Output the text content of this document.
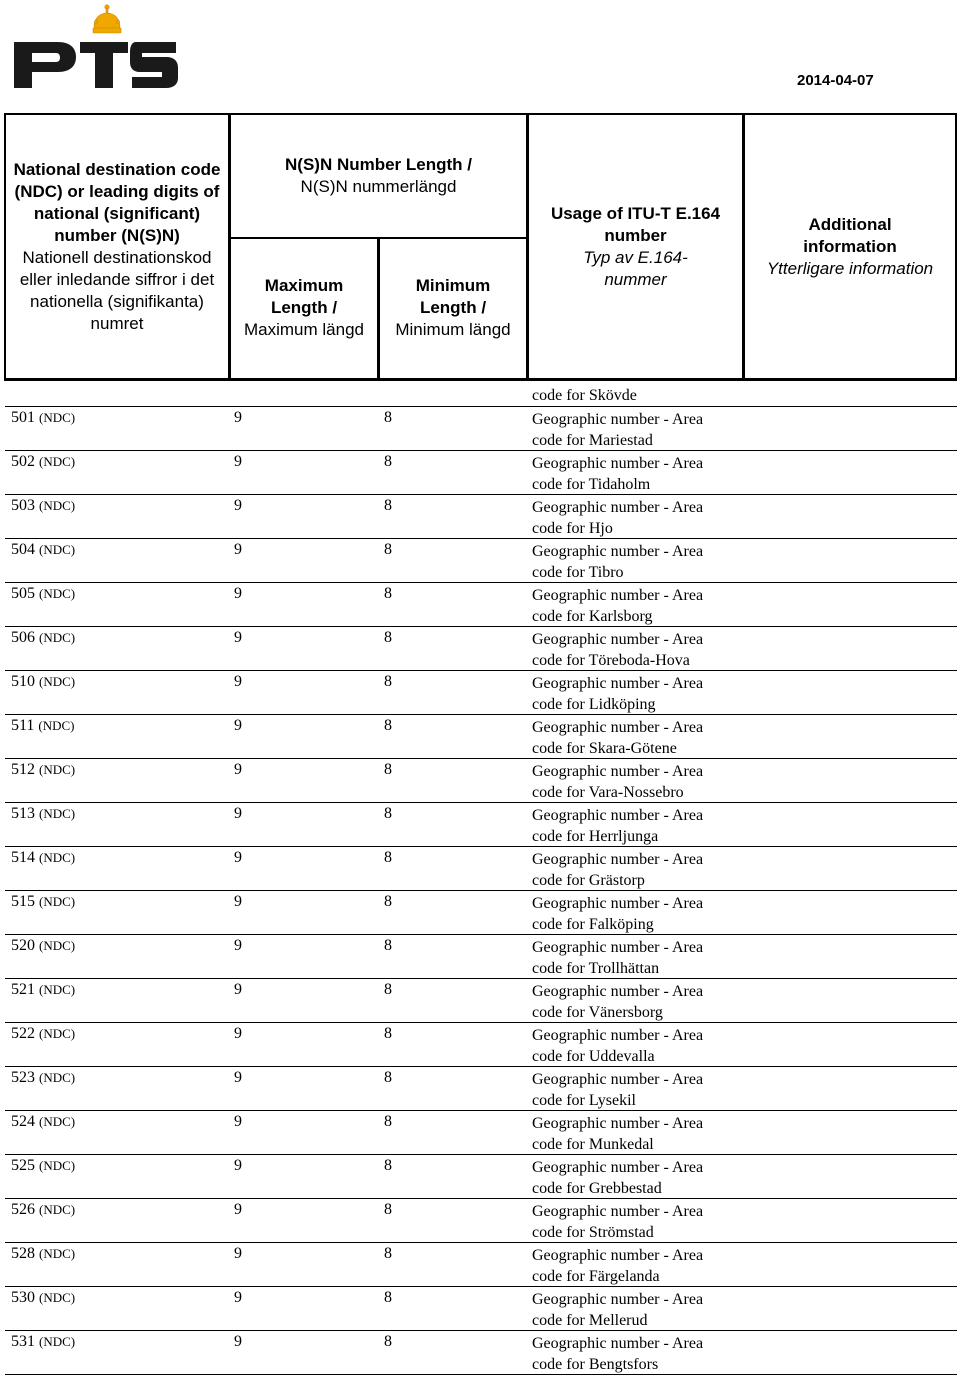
PTS
2014-04-07
National destination code (NDC) or leading digits of national (significant) number (N(S)N)
Nationell destinationskod eller inledande siffror i det nationella (signifikanta) numret
N(S)N Number Length /
N(S)N nummerlängd
Maximum Length /
Maximum längd
Minimum Length /
Minimum längd
Usage of ITU-T E.164 number
Typ av E.164-nummer
Additional information
Ytterligare information
code for Skövde
501 (NDC)	9	8	Geographic number - Area
code for Mariestad
502 (NDC)	9	8	Geographic number - Area
code for Tidaholm
503 (NDC)	9	8	Geographic number - Area
code for Hjo
504 (NDC)	9	8	Geographic number - Area
code for Tibro
505 (NDC)	9	8	Geographic number - Area
code for Karlsborg
506 (NDC)	9	8	Geographic number - Area
code for Töreboda-Hova
510 (NDC)	9	8	Geographic number - Area
code for Lidköping
511 (NDC)	9	8	Geographic number - Area
code for Skara-Götene
512 (NDC)	9	8	Geographic number - Area
code for Vara-Nossebro
513 (NDC)	9	8	Geographic number - Area
code for Herrljunga
514 (NDC)	9	8	Geographic number - Area
code for Grästorp
515 (NDC)	9	8	Geographic number - Area
code for Falköping
520 (NDC)	9	8	Geographic number - Area
code for Trollhättan
521 (NDC)	9	8	Geographic number - Area
code for Vänersborg
522 (NDC)	9	8	Geographic number - Area
code for Uddevalla
523 (NDC)	9	8	Geographic number - Area
code for Lysekil
524 (NDC)	9	8	Geographic number - Area
code for Munkedal
525 (NDC)	9	8	Geographic number - Area
code for Grebbestad
526 (NDC)	9	8	Geographic number - Area
code for Strömstad
528 (NDC)	9	8	Geographic number - Area
code for Färgelanda
530 (NDC)	9	8	Geographic number - Area
code for Mellerud
531 (NDC)	9	8	Geographic number - Area
code for Bengtsfors
